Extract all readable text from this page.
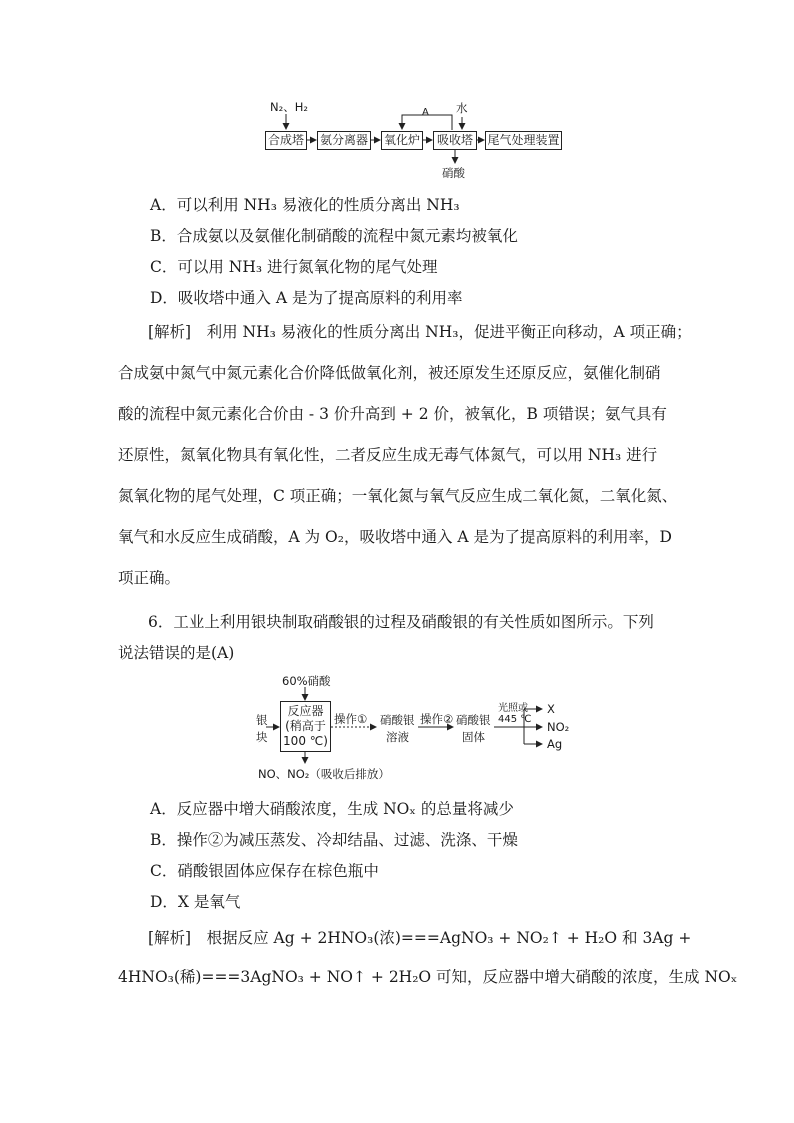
N₂、H₂	A 水
合成塔 氨分离器 氧化炉	吸收塔	尾气处理装置
硝酸
A．可以利用 NH₃ 易液化的性质分离出 NH₃
B．合成氨以及氨催化制硝酸的流程中氮元素均被氧化
C．可以用 NH₃ 进行氮氧化物的尾气处理
D．吸收塔中通入 A 是为了提高原料的利用率
[解析]　利用 NH₃ 易液化的性质分离出 NH₃，促进平衡正向移动，A 项正确；
合成氨中氮气中氮元素化合价降低做氧化剂，被还原发生还原反应，氨催化制硝
酸的流程中氮元素化合价由 - 3 价升高到 + 2 价，被氧化，B 项错误；氨气具有
还原性，氮氧化物具有氧化性，二者反应生成无毒气体氮气，可以用 NH₃ 进行
氮氧化物的尾气处理，C 项正确；一氧化氮与氧气反应生成二氧化氮，二氧化氮、
氧气和水反应生成硝酸，A 为 O₂，吸收塔中通入 A 是为了提高原料的利用率，D
项正确。
6．工业上利用银块制取硝酸银的过程及硝酸银的有关性质如图所示。下列
说法错误的是(A)
60%硝酸
银
块
反应器
(稍高于
100 ℃)
操作① 硝酸银
溶液
操作② 硝酸银
固体
光照或
445 ℃
X
NO₂
Ag
NO、NO₂（吸收后排放）
A．反应器中增大硝酸浓度，生成 NOₓ 的总量将减少
B．操作②为减压蒸发、冷却结晶、过滤、洗涤、干燥
C．硝酸银固体应保存在棕色瓶中
D．X 是氧气
[解析]　根据反应 Ag + 2HNO₃(浓)===AgNO₃ + NO₂↑ + H₂O 和 3Ag +
4HNO₃(稀)===3AgNO₃ + NO↑ + 2H₂O 可知，反应器中增大硝酸的浓度，生成 NOₓ
